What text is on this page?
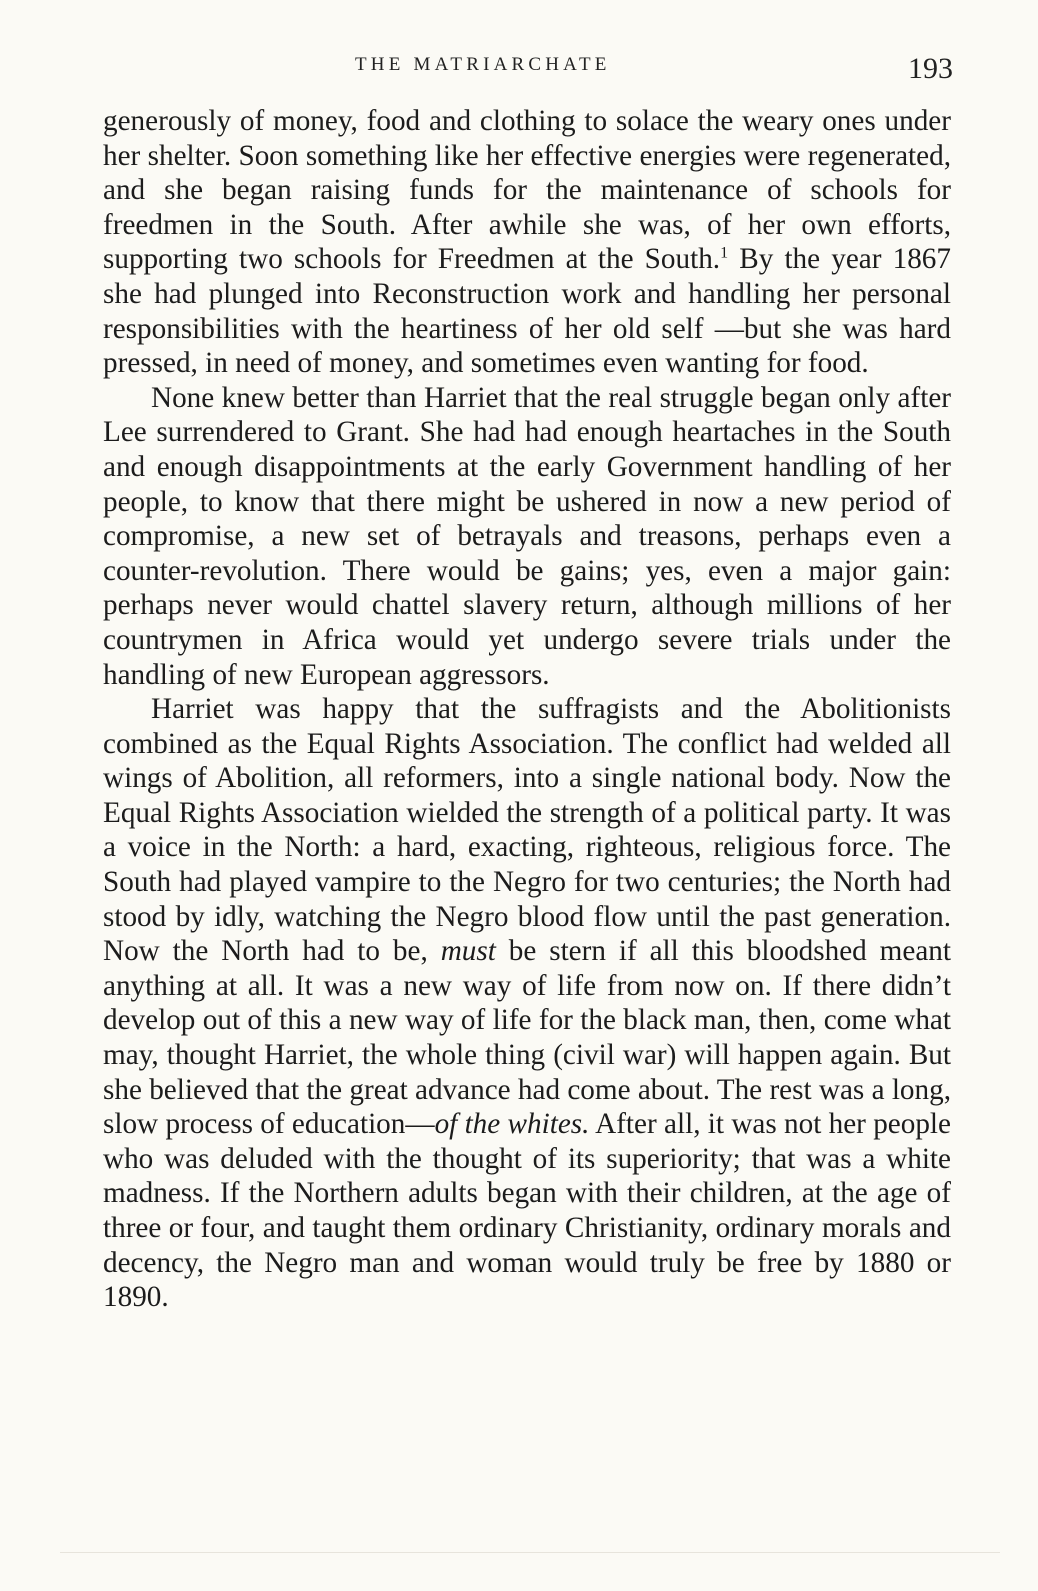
THE MATRIARCHATE	193

generously of money, food and clothing to solace the weary ones under her shelter. Soon something like her effective energies were regenerated, and she began raising funds for the maintenance of schools for freedmen in the South. After awhile she was, of her own efforts, supporting two schools for Freedmen at the South.$^1$ By the year 1867 she had plunged into Reconstruction work and handling her personal responsibilities with the heartiness of her old self —but she was hard pressed, in need of money, and sometimes even wanting for food.

None knew better than Harriet that the real struggle began only after Lee surrendered to Grant. She had had enough heartaches in the South and enough disappointments at the early Government handling of her people, to know that there might be ushered in now a new period of compromise, a new set of betrayals and treasons, perhaps even a counter-revolution. There would be gains; yes, even a major gain: perhaps never would chattel slavery return, although millions of her countrymen in Africa would yet undergo severe trials under the handling of new European aggressors.

Harriet was happy that the suffragists and the Abolitionists combined as the Equal Rights Association. The conflict had welded all wings of Abolition, all reformers, into a single national body. Now the Equal Rights Association wielded the strength of a political party. It was a voice in the North: a hard, exacting, righteous, religious force. The South had played vampire to the Negro for two centuries; the North had stood by idly, watching the Negro blood flow until the past generation. Now the North had to be, must be stern if all this bloodshed meant anything at all. It was a new way of life from now on. If there didn’t develop out of this a new way of life for the black man, then, come what may, thought Harriet, the whole thing (civil war) will happen again. But she believed that the great advance had come about. The rest was a long, slow process of education—of the whites. After all, it was not her people who was deluded with the thought of its superiority; that was a white madness. If the Northern adults began with their children, at the age of three or four, and taught them ordinary Christianity, ordinary morals and decency, the Negro man and woman would truly be free by 1880 or 1890.
